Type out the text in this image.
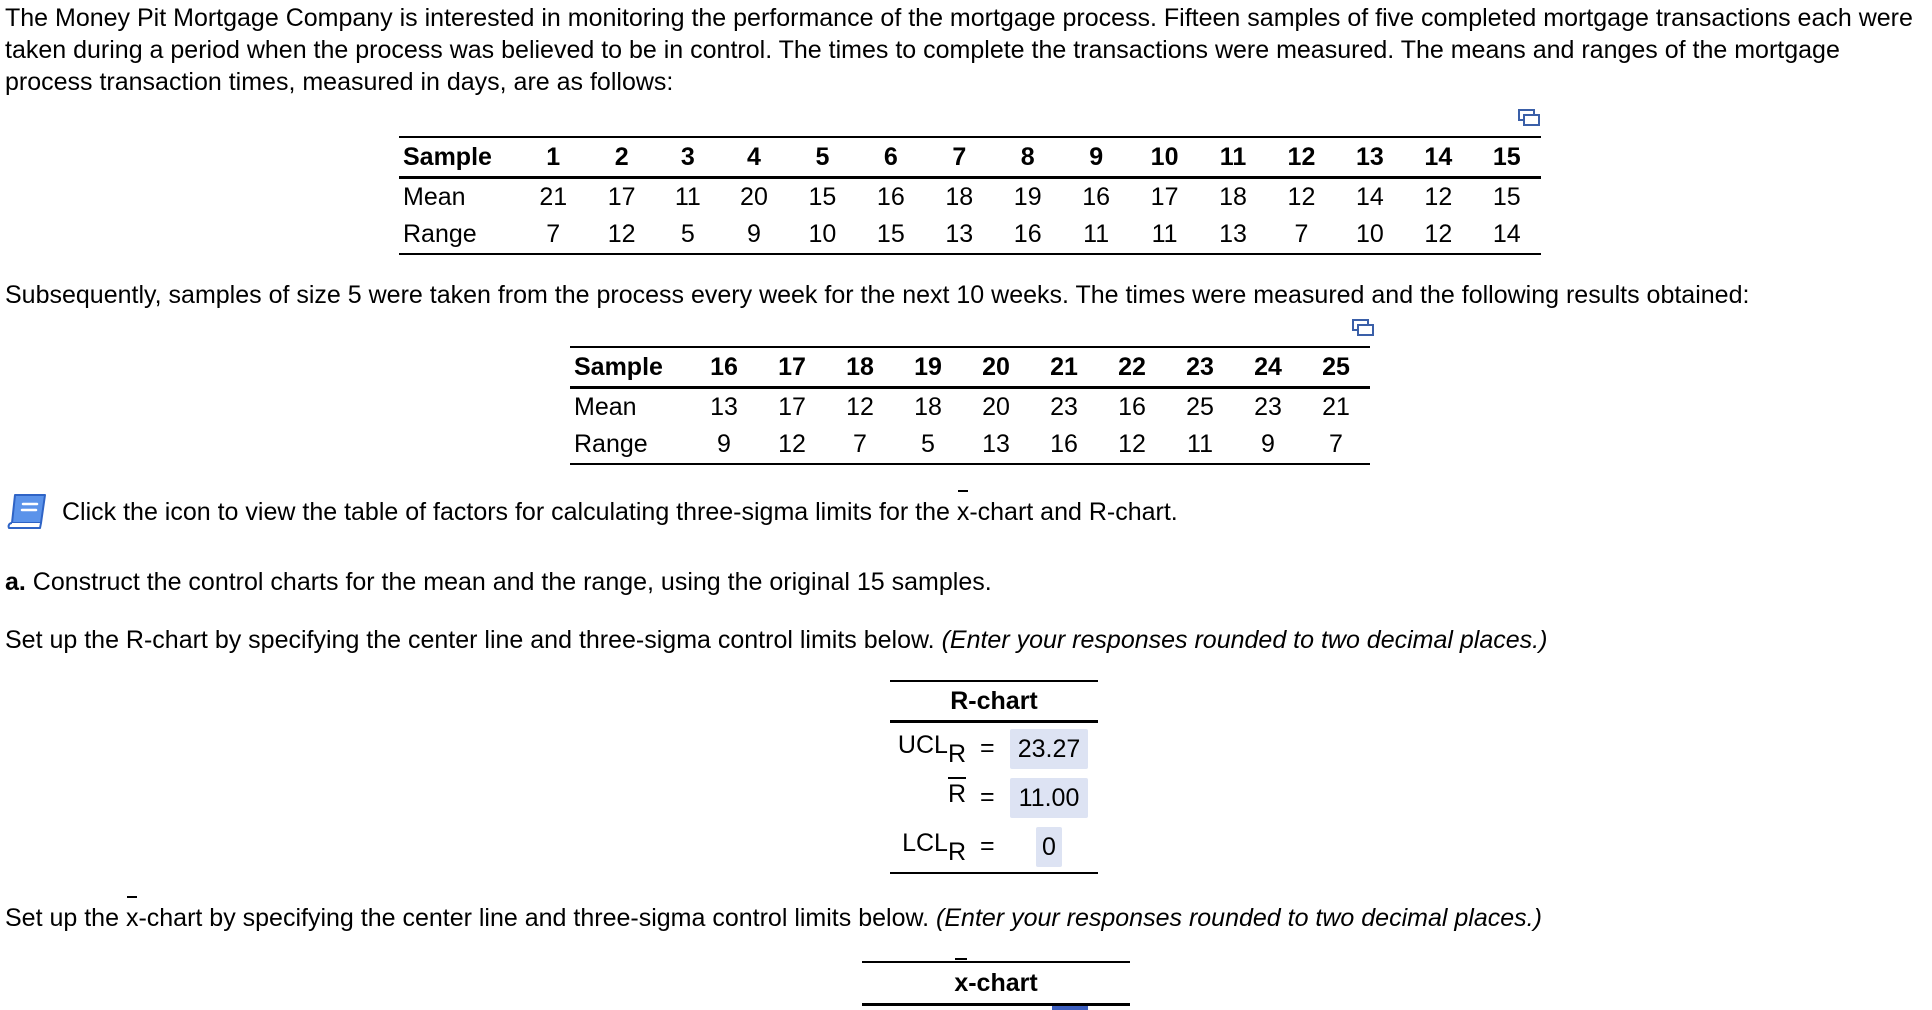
The Money Pit Mortgage Company is interested in monitoring the performance of the mortgage process. Fifteen samples of five completed mortgage transactions each were taken during a period when the process was believed to be in control. The times to complete the transactions were measured. The means and ranges of the mortgage process transaction times, measured in days, are as follows:

Sample	1	2	3	4	5	6	7	8	9	10	11	12	13	14	15
Mean	21	17	11	20	15	16	18	19	16	17	18	12	14	12	15
Range	7	12	5	9	10	15	13	16	11	11	13	7	10	12	14

Subsequently, samples of size 5 were taken from the process every week for the next 10 weeks. The times were measured and the following results obtained:

Sample	16	17	18	19	20	21	22	23	24	25
Mean	13	17	12	18	20	23	16	25	23	21
Range	9	12	7	5	13	16	12	11	9	7
Click the icon to view the table of factors for calculating three-sigma limits for the x-chart and R-chart.

a. Construct the control charts for the mean and the range, using the original 15 samples.

Set up the R-chart by specifying the center line and three-sigma control limits below. (Enter your responses rounded to two decimal places.)

R-chart
$UCL_R = 23.27$
R = 11.00
$LCL_R = 0$

Set up the x-chart by specifying the center line and three-sigma control limits below. (Enter your responses rounded to two decimal places.)

x-chart
